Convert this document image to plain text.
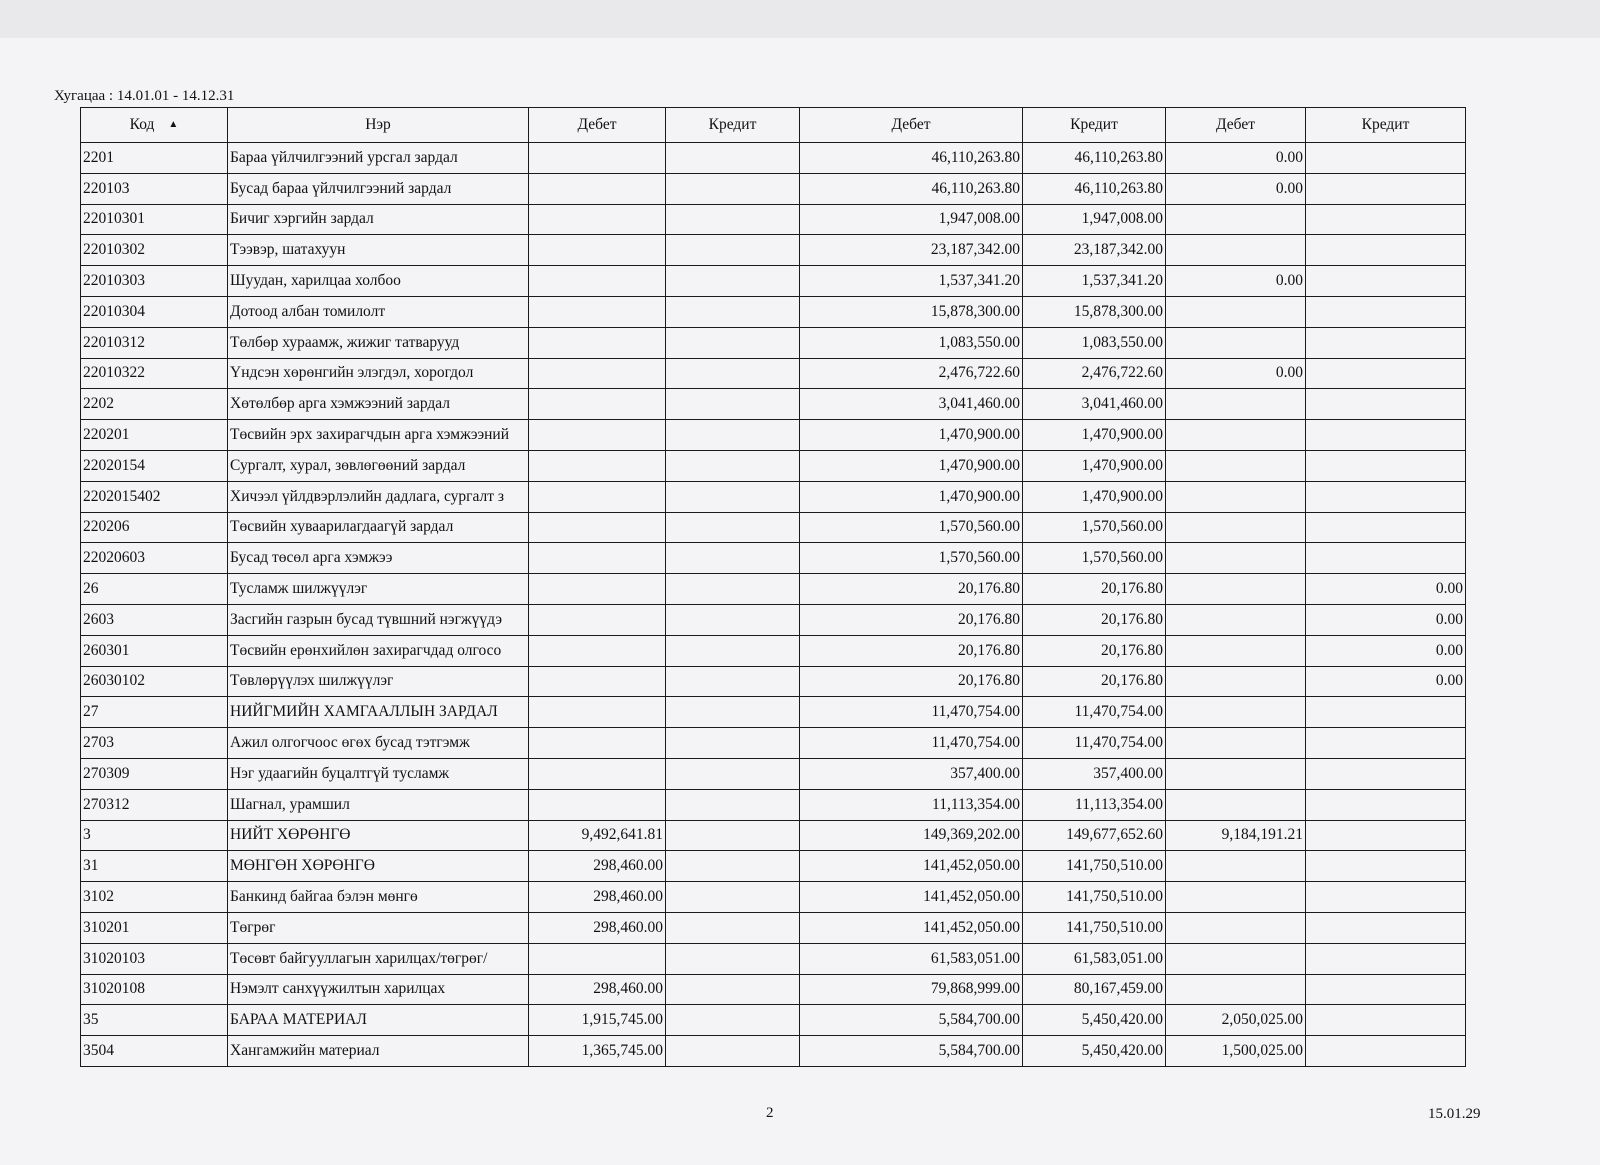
Хугацаа : 14.01.01 - 14.12.31
Код ▲	Нэр	Дебет	Кредит	Дебет	Кредит	Дебет	Кредит
2201	Бараа үйлчилгээний урсгал зардал			46,110,263.80	46,110,263.80	0.00	
220103	Бусад бараа үйлчилгээний зардал			46,110,263.80	46,110,263.80	0.00	
22010301	Бичиг хэргийн зардал			1,947,008.00	1,947,008.00		
22010302	Тээвэр, шатахуун			23,187,342.00	23,187,342.00		
22010303	Шуудан, харилцаа холбоо			1,537,341.20	1,537,341.20	0.00	
22010304	Дотоод албан томилолт			15,878,300.00	15,878,300.00		
22010312	Төлбөр хураамж, жижиг татварууд			1,083,550.00	1,083,550.00		
22010322	Үндсэн хөрөнгийн элэгдэл, хорогдол			2,476,722.60	2,476,722.60	0.00	
2202	Хөтөлбөр арга хэмжээний зардал			3,041,460.00	3,041,460.00		
220201	Төсвийн эрх захирагчдын арга хэмжээний			1,470,900.00	1,470,900.00		
22020154	Сургалт, хурал, зөвлөгөөний зардал			1,470,900.00	1,470,900.00		
2202015402	Хичээл үйлдвэрлэлийн дадлага, сургалт з			1,470,900.00	1,470,900.00		
220206	Төсвийн хуваарилагдаагүй зардал			1,570,560.00	1,570,560.00		
22020603	Бусад төсөл арга хэмжээ			1,570,560.00	1,570,560.00		
26	Тусламж шилжүүлэг			20,176.80	20,176.80		0.00
2603	Засгийн газрын бусад түвшний нэгжүүдэ			20,176.80	20,176.80		0.00
260301	Төсвийн ерөнхийлөн захирагчдад олгосо			20,176.80	20,176.80		0.00
26030102	Төвлөрүүлэх шилжүүлэг			20,176.80	20,176.80		0.00
27	НИЙГМИЙН ХАМГААЛЛЫН ЗАРДАЛ			11,470,754.00	11,470,754.00		
2703	Ажил олгогчоос өгөх бусад тэтгэмж			11,470,754.00	11,470,754.00		
270309	Нэг удаагийн буцалтгүй тусламж			357,400.00	357,400.00		
270312	Шагнал, урамшил			11,113,354.00	11,113,354.00		
3	НИЙТ ХӨРӨНГӨ	9,492,641.81		149,369,202.00	149,677,652.60	9,184,191.21	
31	МӨНГӨН ХӨРӨНГӨ	298,460.00		141,452,050.00	141,750,510.00		
3102	Банкинд байгаа бэлэн мөнгө	298,460.00		141,452,050.00	141,750,510.00		
310201	Төгрөг	298,460.00		141,452,050.00	141,750,510.00		
31020103	Төсөвт байгууллагын харилцах/төгрөг/			61,583,051.00	61,583,051.00		
31020108	Нэмэлт санхүүжилтын харилцах	298,460.00		79,868,999.00	80,167,459.00		
35	БАРАА МАТЕРИАЛ	1,915,745.00		5,584,700.00	5,450,420.00	2,050,025.00	
3504	Хангамжийн материал	1,365,745.00		5,584,700.00	5,450,420.00	1,500,025.00	
2	15.01.29
